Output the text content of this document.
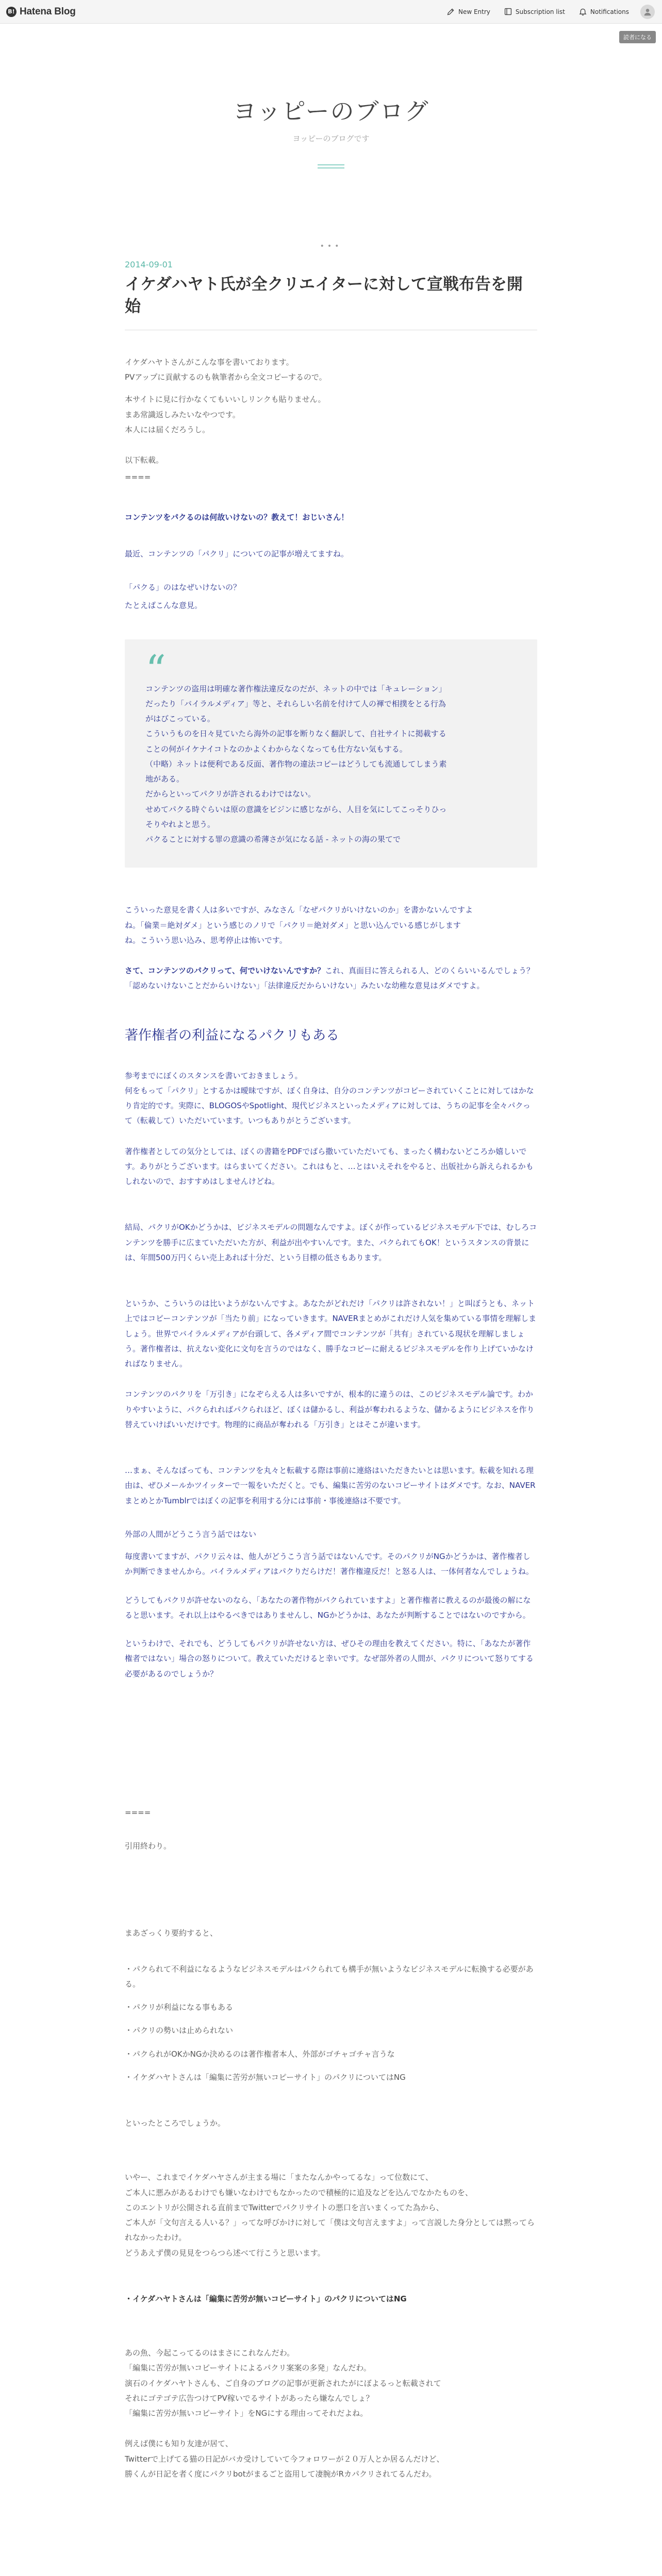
B! Hatena Blog	New Entry	Subscription list	Notifications
読者になる
ヨッピーのブログ

ヨッピーのブログです

•••
2014-09-01
イケダハヤト氏が全クリエイターに対して宣戦布告を開始

イケダハヤトさんがこんな事を書いております。

PVアップに貢献するのも執筆者から全文コピーするので。

本サイトに見に行かなくてもいいしリンクも貼りません。

まあ常識返しみたいなやつです。

本人には届くだろうし。

以下転載。

====

コンテンツをパクるのは何故いけないの？教えて！おじいさん！

最近、コンテンツの「パクリ」についての記事が増えてますね。

「パクる」のはなぜいけないの？

たとえばこんな意見。

“

コンテンツの盗用は明確な著作権法違反なのだが、ネットの中では「キュレーション」

だったり「バイラルメディア」等と、それらしい名前を付けて人の褌で相撲をとる行為

がはびこっている。

こういうものを日々見ていたら海外の記事を断りなく翻訳して、自社サイトに掲載する

ことの何がイケナイコトなのかよくわからなくなっても仕方ない気もする。

（中略）ネットは便利である反面、著作物の違法コピーはどうしても流通してしまう素

地がある。

だからといってパクリが許されるわけではない。

せめてパクる時ぐらいは原の意識をビジンに感じながら、人目を気にしてこっそりひっ

そりやれよと思う。

パクることに対する罪の意識の希薄さが気になる話 - ネットの海の果てで

こういった意見を書く人は多いですが、みなさん「なぜパクリがいけないのか」を書かないんですよ

ね。「倫業＝絶対ダメ」という感じのノリで「パクリ＝絶対ダメ」と思い込んでいる感じがします

ね。こういう思い込み、思考停止は怖いです。

さて、コンテンツのパクリって、何でいけないんですか？これ、真面目に答えられる人、どのくらいいるんでしょう？「認めないけないことだからいけない」「法律違反だからいけない」みたいな幼稚な意見はダメですよ。

著作権者の利益になるパクリもある

参考までにぼくのスタンスを書いておきましょう。

何をもって「パクリ」とするかは曖昧ですが、ぼく自身は、自分のコンテンツがコピーされていくことに対してはかなり肯定的です。実際に、BLOGOSやSpotlight、現代ビジネスといったメディアに対しては、うちの記事を全々パクって（転載して）いただいています。いつもありがとうございます。

著作権者としての気分としては、ぼくの書籍をPDFでばら撒いていただいても、まったく構わないどころか嬉しいです。ありがとうございます。はらまいてください。これはもと、…とはいえそれをやると、出版社から訴えられるかもしれないので、おすすめはしませんけどね。

結局、パクリがOKかどうかは、ビジネスモデルの問題なんですよ。ぼくが作っているビジネスモデル下では、むしろコンテンツを勝手に広まていただいた方が、利益が出やすいんです。また、パクられてもOK！というスタンスの背景には、年間500万円くらい売上あれば十分だ、という目標の低さもあります。

というか、こういうのは比いようがないんですよ。あなたがどれだけ「パクリは許されない！」と叫ぼうとも、ネット上ではコピーコンテンツが「当たり前」になっていきます。NAVERまとめがこれだけ人気を集めている事情を理解しましょう。世界でバイラルメディアが台頭して、各メディア間でコンテンツが「共有」されている現状を理解しましょう。著作権者は、抗えない変化に文句を言うのではなく、勝手なコピーに耐えるビジネスモデルを作り上げていかなければなりません。

コンテンツのパクリを「万引き」になぞらえる人は多いですが、根本的に違うのは、このビジネスモデル論です。わかりやすいように、パクられればパクられほど、ぼくは儲かるし、利益が奪われるような、儲かるようにビジネスを作り替えていけばいいだけです。物理的に商品が奪われる「万引き」とはそこが違います。

…まぁ、そんなばっても、コンテンツを丸々と転載する際は事前に連絡はいただきたいとは思います。転載を知れる理由は、ぜひメールかツイッターで一報をいただくと。でも、編集に苦労のないコピーサイトはダメです。なお、NAVERまとめとかTumblrではぼくの記事を利用する分には事前・事後連絡は不要です。

外部の人間がどうこう言う話ではない

毎度書いてますが、パクリ云々は、他人がどうこう言う話ではないんです。そのパクリがNGかどうかは、著作権者しか判断できませんから。バイラルメディアはパクりだらけだ！著作権違反だ！と怒る人は、一体何者なんでしょうね。

どうしてもパクリが許せないのなら、「あなたの著作物がパクられていますよ」と著作権者に教えるのが最後の解になると思います。それ以上はやるべきではありませんし、NGかどうかは、あなたが判断することではないのですから。

というわけで、それでも、どうしてもパクリが許せない方は、ぜひその理由を教えてください。特に、「あなたが著作権者ではない」場合の怒りについて。教えていただけると幸いです。なぜ部外者の人間が、パクリについて怒りてする必要があるのでしょうか？

====

引用終わり。

まあざっくり要約すると、

・パクられて不利益になるようなビジネスモデルはパクられても構手が無いようなビジネスモデルに転換する必要がある。

・パクリが利益になる事もある

・パクリの勢いは止められない

・パクられがOKかNGか決めるのは著作権者本人、外部がゴチャゴチャ言うな

・イケダハヤトさんは「編集に苦労が無いコピーサイト」のパクリについてはNG

といったところでしょうか。

いやー、これまでイケダハヤさんが主まる場に「またなんかやってるな」って位数にて、

ご本人に悪みがあるわけでも嫌いなわけでもなかったので積極的に追及などを込んでなかたものを、

このエントリが公開される直前までTwitterでパクリサイトの悪口を言いまくってた為から、

ご本人が「文句言える人いる？」ってな呼びかけに対して「僕は文句言えますよ」って言説した身分としては黙ってられなかったわけ。

どうあえず僕の見見をつらつら述べて行こうと思います。

・イケダハヤトさんは「編集に苦労が無いコピーサイト」のパクリについてはNG

あの魚、今起こってるのはまさにこれなんだわ。

「編集に苦労が無いコピーサイトによるパクリ案案の多発」なんだわ。

演石のイケダハヤトさんも、ご自身のブログの記事が更新されたがにぼよるっと転載されて

それにゴテゴテ広告つけてPV稼いでるサイトがあったら嫌なんでしょ？

「編集に苦労が無いコピーサイト」をNGにする理由ってそれだよね。

例えば僕にも知り友達が居て、

Twitterで上げてる猫の日記がバカ受けしていて今フォロワーが２０万人とか居るんだけど、

勝くんが日記を者く度にパクリbotがまるごと盗用して凄腕がRカパクリされてるんだわ。
